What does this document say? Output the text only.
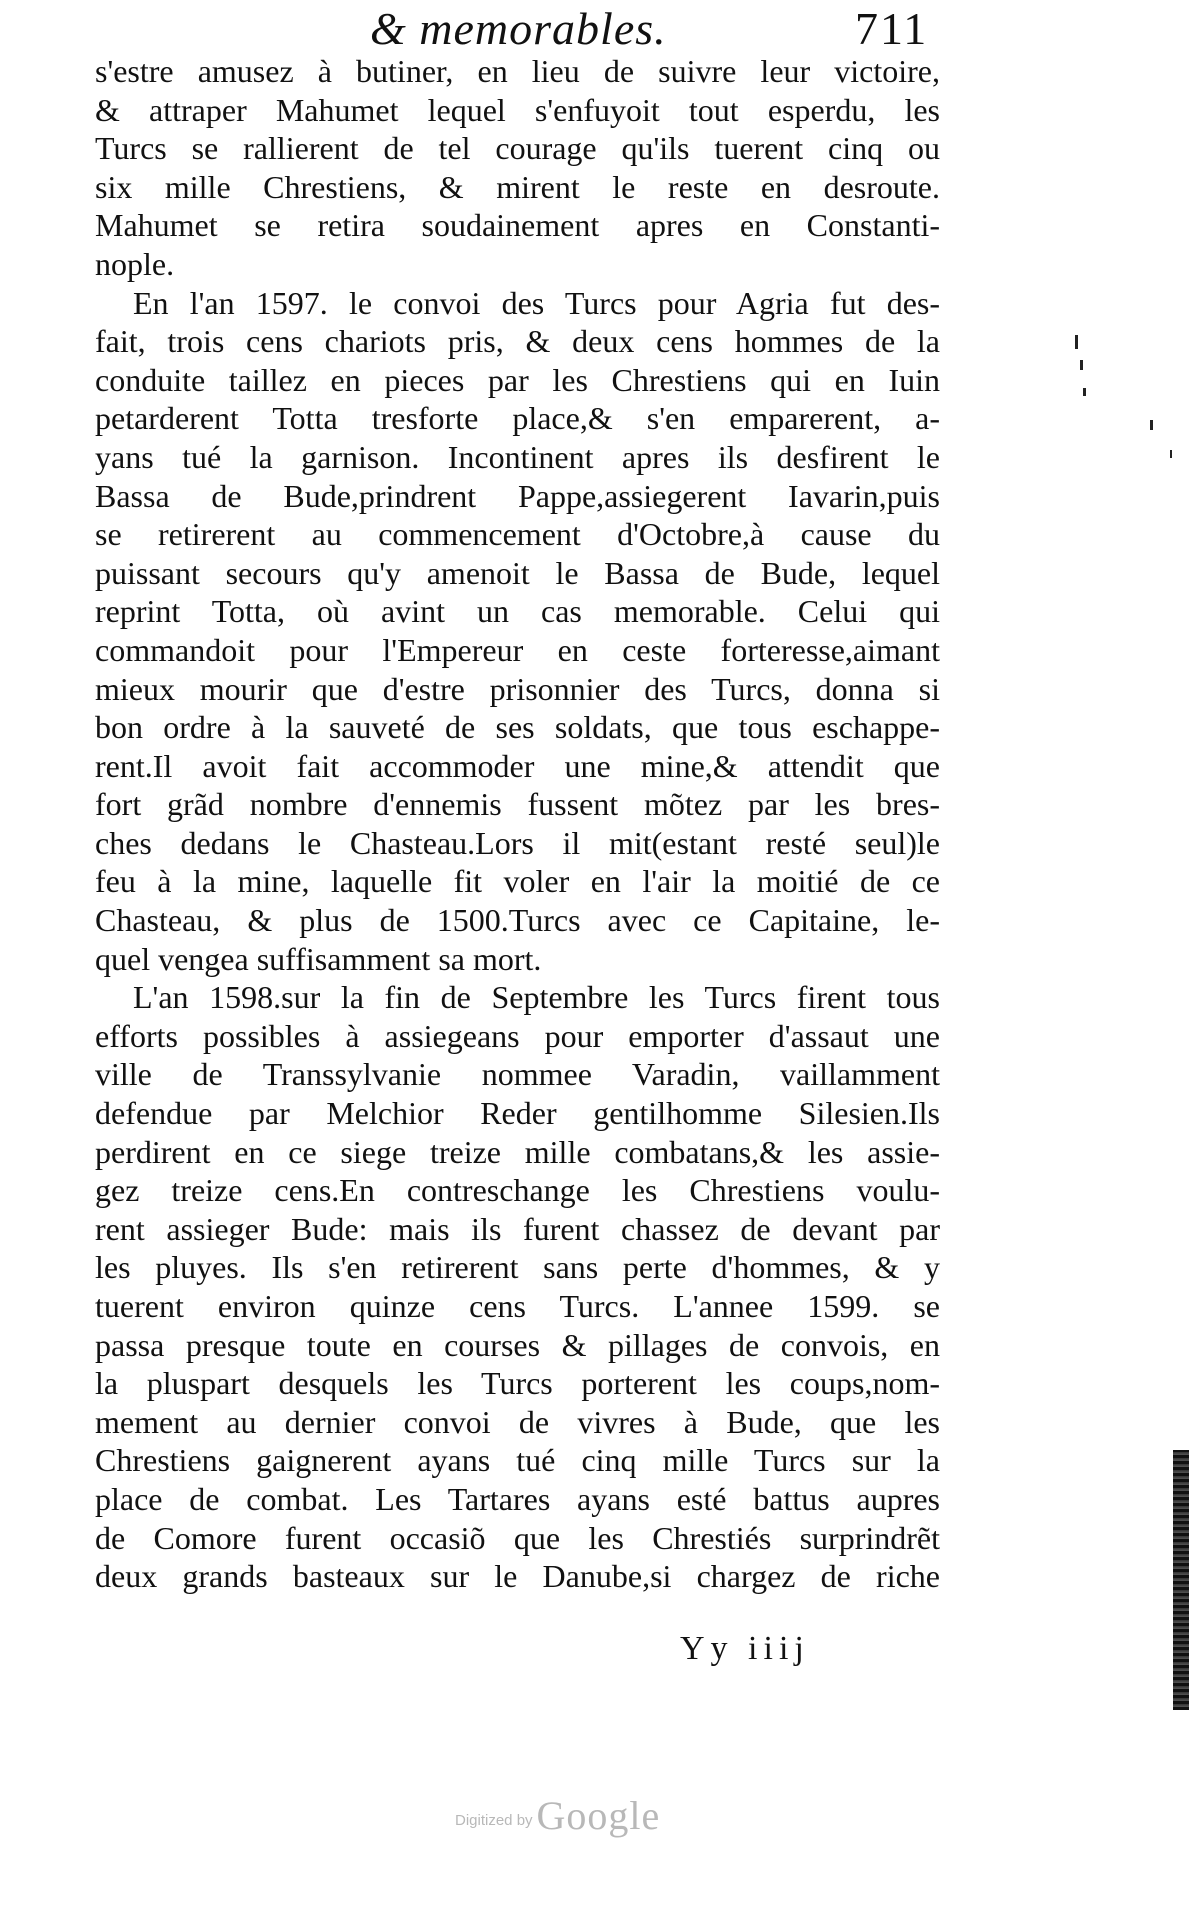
& memorables.	711
s'estre amusez à butiner, en lieu de suivre leur victoire,
& attraper Mahumet lequel s'enfuyoit tout esperdu, les
Turcs se rallierent de tel courage qu'ils tuerent cinq ou
six mille Chrestiens, & mirent le reste en desroute.
Mahumet se retira soudainement apres en Constanti-
nople.
En l'an 1597. le convoi des Turcs pour Agria fut des-
fait, trois cens chariots pris, & deux cens hommes de la
conduite taillez en pieces par les Chrestiens qui en Iuin
petarderent Totta tresforte place,& s'en emparerent, a-
yans tué la garnison. Incontinent apres ils desfirent le
Bassa de Bude,prindrent Pappe,assiegerent Iavarin,puis
se retirerent au commencement d'Octobre,à cause du
puissant secours qu'y amenoit le Bassa de Bude, lequel
reprint Totta, où avint un cas memorable. Celui qui
commandoit pour l'Empereur en ceste forteresse,aimant
mieux mourir que d'estre prisonnier des Turcs, donna si
bon ordre à la sauveté de ses soldats, que tous eschappe-
rent.Il avoit fait accommoder une mine,& attendit que
fort grãd nombre d'ennemis fussent mõtez par les bres-
ches dedans le Chasteau.Lors il mit(estant resté seul)le
feu à la mine, laquelle fit voler en l'air la moitié de ce
Chasteau, & plus de 1500.Turcs avec ce Capitaine, le-
quel vengea suffisamment sa mort.
L'an 1598.sur la fin de Septembre les Turcs firent tous
efforts possibles à assiegeans pour emporter d'assaut une
ville de Transsylvanie nommee Varadin, vaillamment
defendue par Melchior Reder gentilhomme Silesien.Ils
perdirent en ce siege treize mille combatans,& les assie-
gez treize cens.En contreschange les Chrestiens voulu-
rent assieger Bude: mais ils furent chassez de devant par
les pluyes. Ils s'en retirerent sans perte d'hommes, & y
tuerent environ quinze cens Turcs. L'annee 1599. se
passa presque toute en courses & pillages de convois, en
la pluspart desquels les Turcs porterent les coups,nom-
mement au dernier convoi de vivres à Bude, que les
Chrestiens gaignerent ayans tué cinq mille Turcs sur la
place de combat. Les Tartares ayans esté battus aupres
de Comore furent occasiõ que les Chrestiés surprindrẽt
deux grands basteaux sur le Danube,si chargez de riche
Yy iiij
Digitized by Google
